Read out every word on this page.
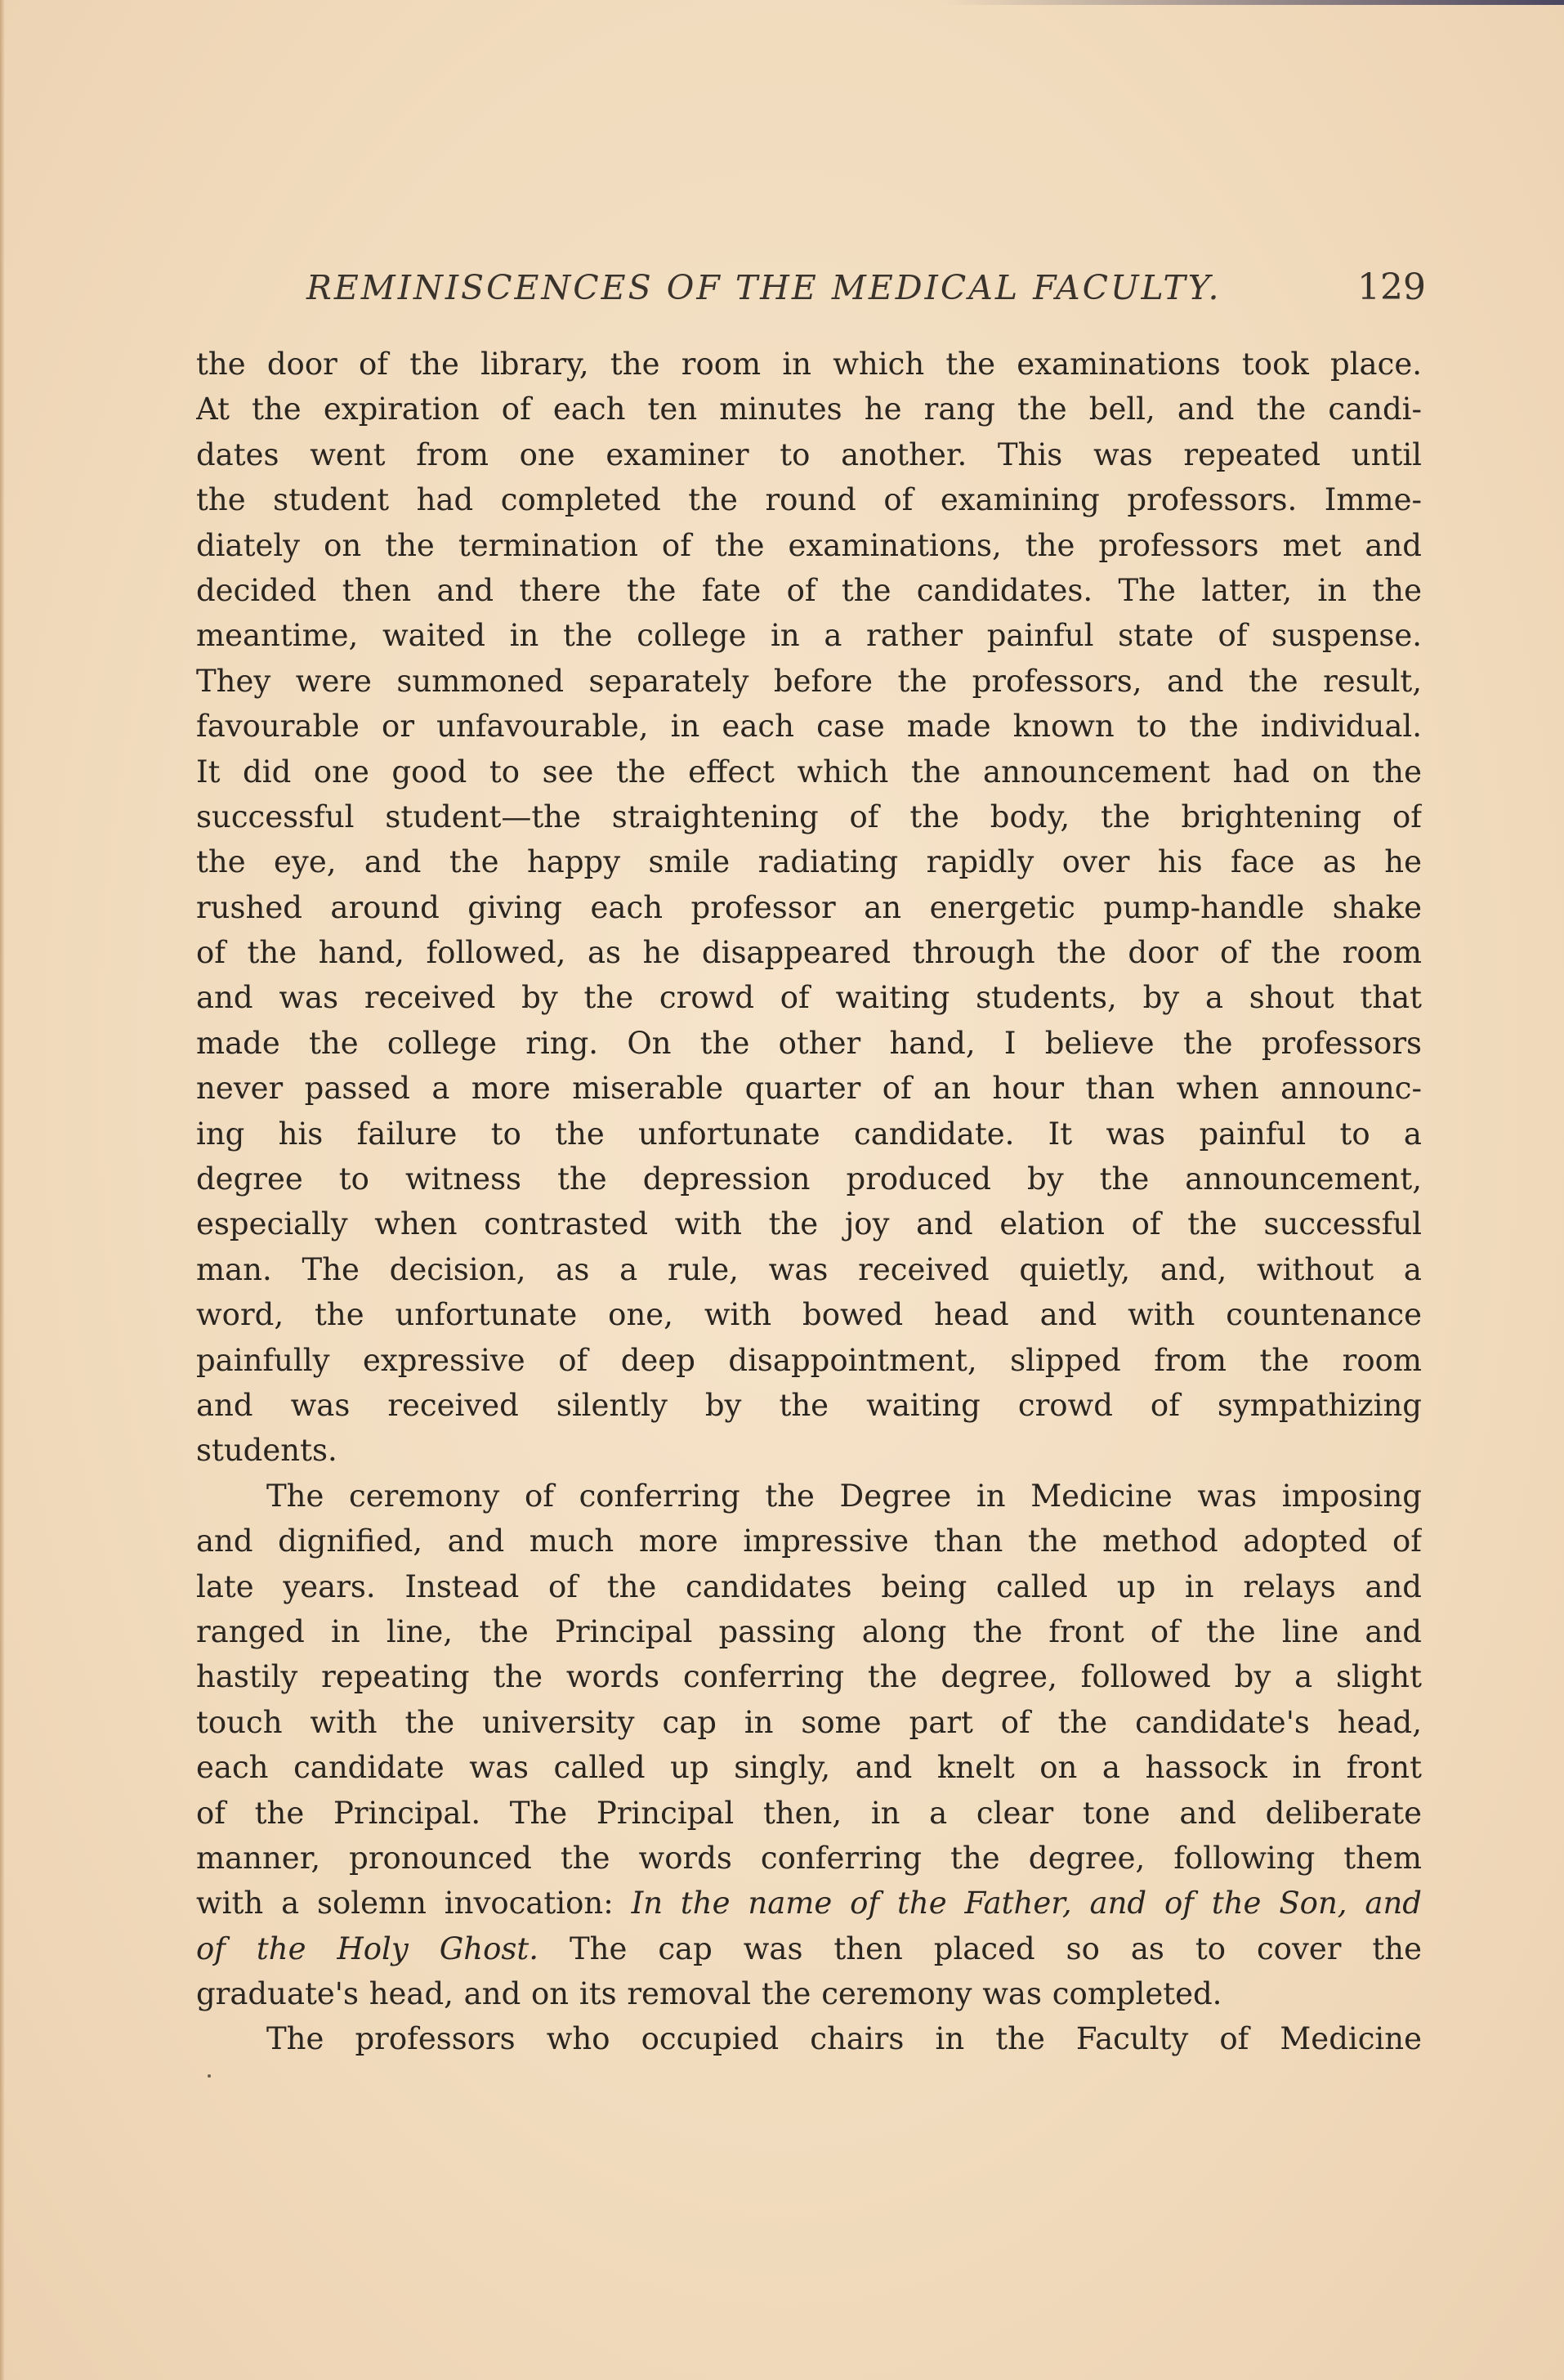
REMINISCENCES OF THE MEDICAL FACULTY.	129
the door of the library, the room in which the examinations took place.
At the expiration of each ten minutes he rang the bell, and the candi-
dates went from one examiner to another. This was repeated until
the student had completed the round of examining professors. Imme-
diately on the termination of the examinations, the professors met and
decided then and there the fate of the candidates. The latter, in the
meantime, waited in the college in a rather painful state of suspense.
They were summoned separately before the professors, and the result,
favourable or unfavourable, in each case made known to the individual.
It did one good to see the effect which the announcement had on the
successful student—the straightening of the body, the brightening of
the eye, and the happy smile radiating rapidly over his face as he
rushed around giving each professor an energetic pump-handle shake
of the hand, followed, as he disappeared through the door of the room
and was received by the crowd of waiting students, by a shout that
made the college ring. On the other hand, I believe the professors
never passed a more miserable quarter of an hour than when announc-
ing his failure to the unfortunate candidate. It was painful to a
degree to witness the depression produced by the announcement,
especially when contrasted with the joy and elation of the successful
man. The decision, as a rule, was received quietly, and, without a
word, the unfortunate one, with bowed head and with countenance
painfully expressive of deep disappointment, slipped from the room
and was received silently by the waiting crowd of sympathizing
students.
The ceremony of conferring the Degree in Medicine was imposing
and dignified, and much more impressive than the method adopted of
late years. Instead of the candidates being called up in relays and
ranged in line, the Principal passing along the front of the line and
hastily repeating the words conferring the degree, followed by a slight
touch with the university cap in some part of the candidate's head,
each candidate was called up singly, and knelt on a hassock in front
of the Principal. The Principal then, in a clear tone and deliberate
manner, pronounced the words conferring the degree, following them
with a solemn invocation: In the name of the Father, and of the Son, and
of the Holy Ghost. The cap was then placed so as to cover the
graduate's head, and on its removal the ceremony was completed.
The professors who occupied chairs in the Faculty of Medicine
